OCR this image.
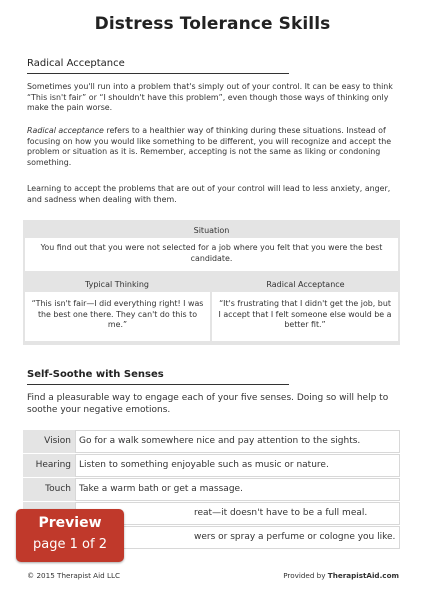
Distress Tolerance Skills
Radical Acceptance
Sometimes you'll run into a problem that's simply out of your control. It can be easy to think “This isn't fair” or “I shouldn't have this problem”, even though those ways of thinking only make the pain worse.
Radical acceptance refers to a healthier way of thinking during these situations. Instead of focusing on how you would like something to be different, you will recognize and accept the problem or situation as it is. Remember, accepting is not the same as liking or condoning something.
Learning to accept the problems that are out of your control will lead to less anxiety, anger, and sadness when dealing with them.
Situation
You find out that you were not selected for a job where you felt that you were the best candidate.
Typical Thinking	Radical Acceptance
“This isn't fair—I did everything right! I was the best one there. They can't do this to me.”
“It's frustrating that I didn't get the job, but I accept that I felt someone else would be a better fit.”
Self-Soothe with Senses
Find a pleasurable way to engage each of your five senses. Doing so will help to soothe your negative emotions.
Vision Go for a walk somewhere nice and pay attention to the sights.
Hearing Listen to something enjoyable such as music or nature.
Touch Take a warm bath or get a massage.
reat—it doesn't have to be a full meal.
wers or spray a perfume or cologne you like.
© 2015 Therapist Aid LLC	Provided by TherapistAid.com
Preview
page 1 of 2
